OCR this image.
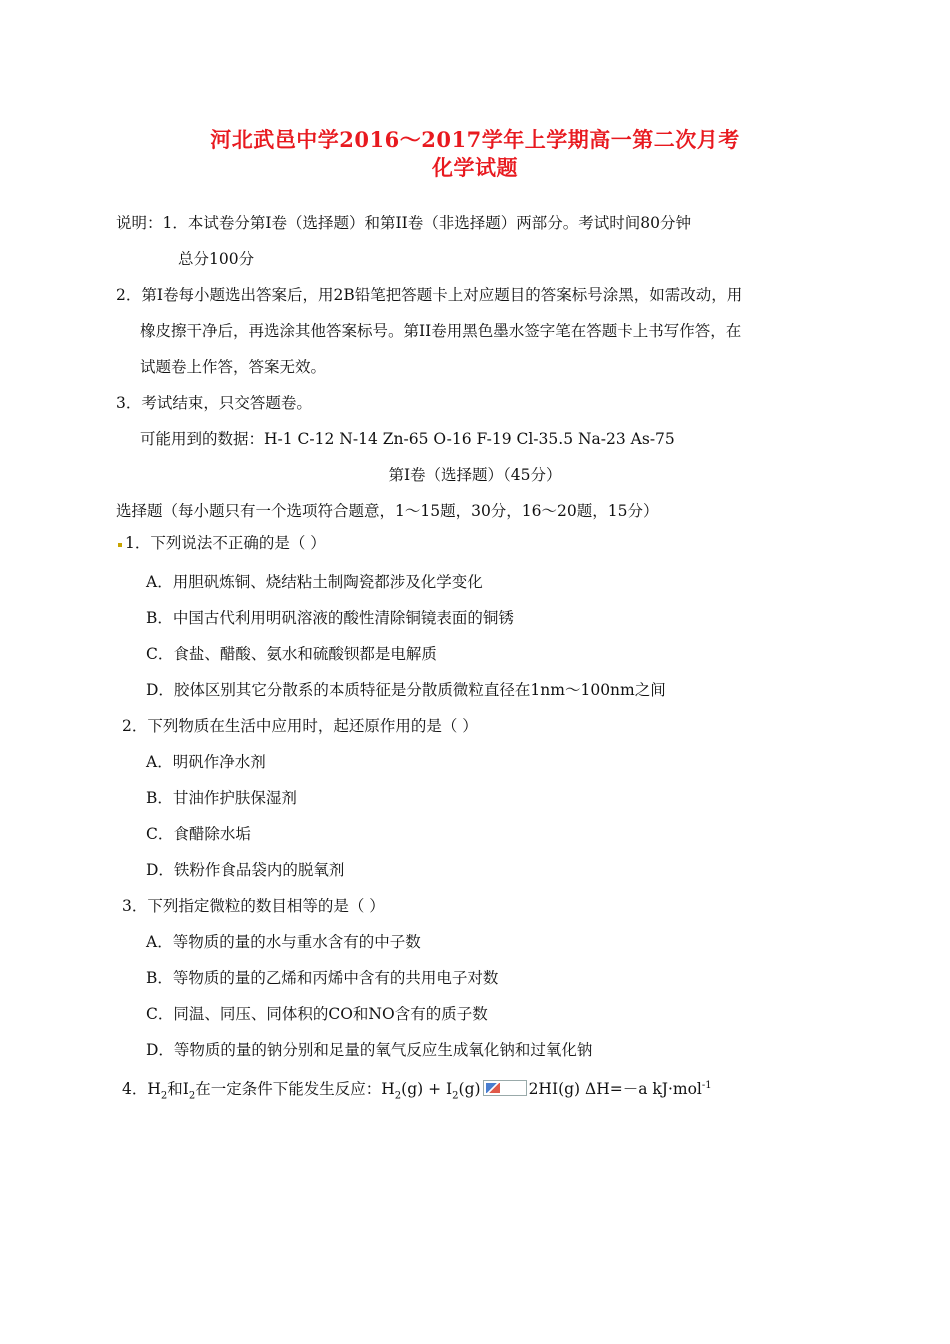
河北武邑中学2016～2017学年上学期高一第二次月考
化学试题
说明：1．本试卷分第Ⅰ卷（选择题）和第II卷（非选择题）两部分。考试时间80分钟
总分100分
2．第Ⅰ卷每小题选出答案后，用2B铅笔把答题卡上对应题目的答案标号涂黑，如需改动，用
橡皮擦干净后，再选涂其他答案标号。第II卷用黑色墨水签字笔在答题卡上书写作答，在
试题卷上作答，答案无效。
3．考试结束，只交答题卷。
可能用到的数据：H-1 C-12 N-14 Zn-65 O-16 F-19 Cl-35.5 Na-23 As-75
第Ⅰ卷（选择题）（45分）
选择题（每小题只有一个选项符合题意，1～15题，30分，16～20题，15分）
1．下列说法不正确的是（ ）
A．用胆矾炼铜、烧结粘土制陶瓷都涉及化学变化
B．中国古代利用明矾溶液的酸性清除铜镜表面的铜锈
C．食盐、醋酸、氨水和硫酸钡都是电解质
D．胶体区别其它分散系的本质特征是分散质微粒直径在1nm～100nm之间
2．下列物质在生活中应用时，起还原作用的是（ ）
A．明矾作净水剂
B．甘油作护肤保湿剂
C．食醋除水垢
D．铁粉作食品袋内的脱氧剂
3．下列指定微粒的数目相等的是（ ）
A．等物质的量的水与重水含有的中子数
B．等物质的量的乙烯和丙烯中含有的共用电子对数
C．同温、同压、同体积的CO和NO含有的质子数
D．等物质的量的钠分别和足量的氧气反应生成氧化钠和过氧化钠
4．$H_2$和$I_2$在一定条件下能发生反应：$H_2(g) + I_2(g)$	2HI(g) ΔH=－a kJ·mol$^{-1}$
